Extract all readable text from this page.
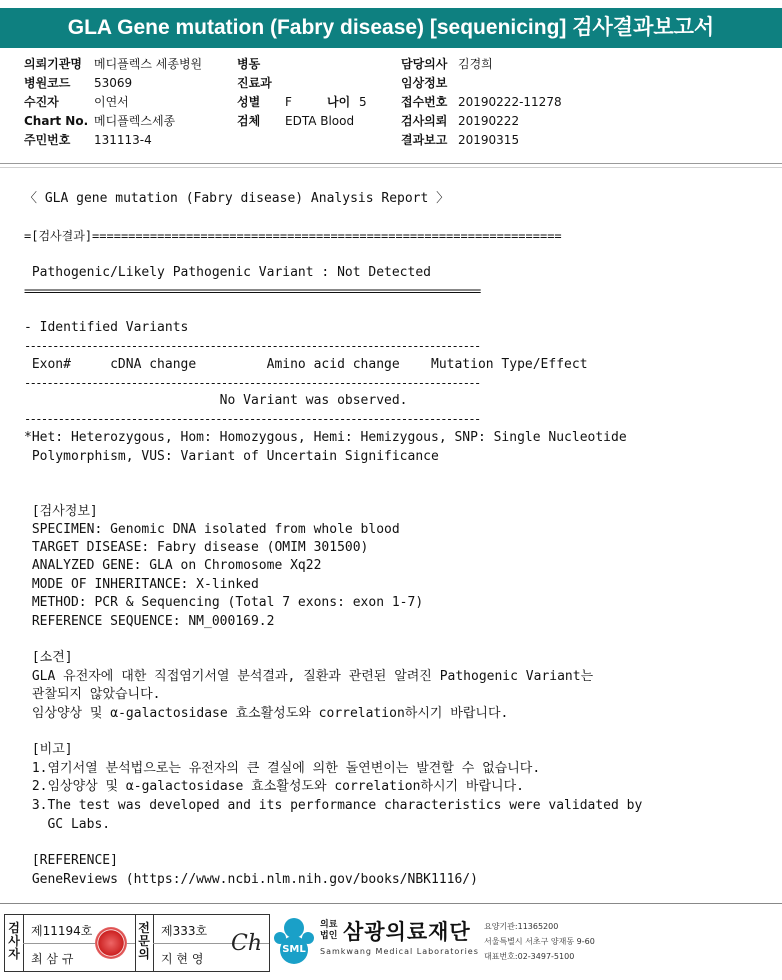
GLA Gene mutation (Fabry disease) [sequenicing] 검사결과보고서
의뢰기관명 메디플렉스 세종병원
병원코드 53069
수진자	이연서
Chart No. 메디플렉스세종
주민번호 131113-4
병동
진료과
성별 F	나이 5
검체 EDTA Blood
담당의사 김경희
임상정보
접수번호 20190222-11278
검사의뢰 20190222
결과보고 20190315
〈 GLA gene mutation (Fabry disease) Analysis Report 〉
=[검사결과]=================================================================
Pathogenic/Likely Pathogenic Variant : Not Detected
=================================================================================
- Identified Variants
---------------------------------------------------------------------------------
Exon#     cDNA change         Amino acid change    Mutation Type/Effect
---------------------------------------------------------------------------------
No Variant was observed.
---------------------------------------------------------------------------------
*Het: Heterozygous, Hom: Homozygous, Hemi: Hemizygous, SNP: Single Nucleotide
Polymorphism, VUS: Variant of Uncertain Significance
[검사정보]
SPECIMEN: Genomic DNA isolated from whole blood
TARGET DISEASE: Fabry disease (OMIM 301500)
ANALYZED GENE: GLA on Chromosome Xq22
MODE OF INHERITANCE: X-linked
METHOD: PCR & Sequencing (Total 7 exons: exon 1-7)
REFERENCE SEQUENCE: NM_000169.2
[소견]
GLA 유전자에 대한 직접염기서열 분석결과, 질환과 관련된 알려진 Pathogenic Variant는
관찰되지 않았습니다.
임상양상 및 α-galactosidase 효소활성도와 correlation하시기 바랍니다.
[비고]
1.염기서열 분석법으로는 유전자의 큰 결실에 의한 돌연변이는 발견할 수 없습니다.
2.임상양상 및 α-galactosidase 효소활성도와 correlation하시기 바랍니다.
3.The test was developed and its performance characteristics were validated by
GC Labs.
[REFERENCE]
GeneReviews (https://www.ncbi.nlm.nih.gov/books/NBK1116/)
검사자
제11194호
최 삼 규
전문의
제333호
지 현 영
Ch	SML
의료법인 삼광의료재단
Samkwang Medical Laboratories
요양기관:11365200
서울특별시 서초구 양재동 9-60
대표번호:02-3497-5100
